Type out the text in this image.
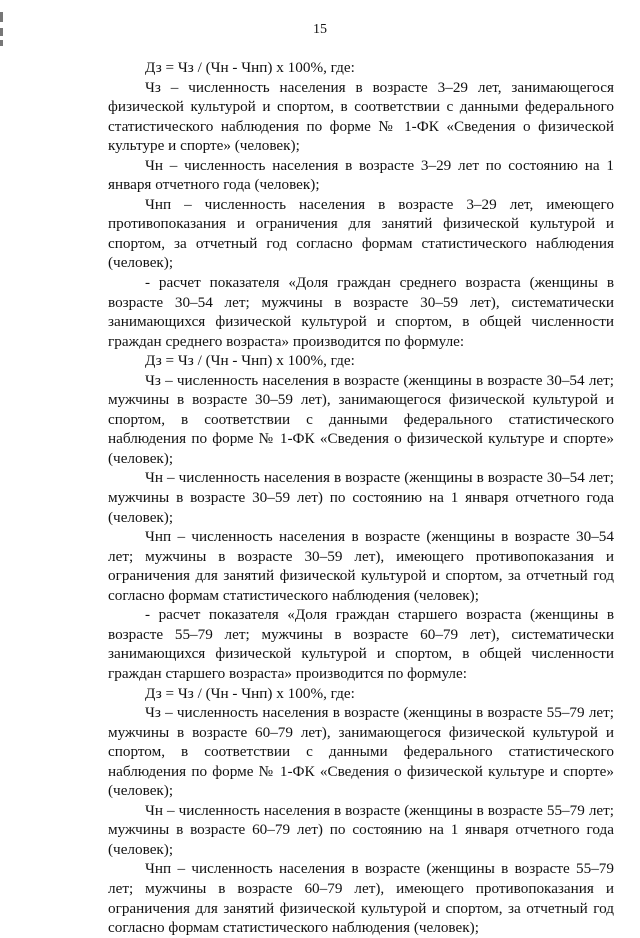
15

Дз = Чз / (Чн - Чнп) х 100%, где:

Чз – численность населения в возрасте 3–29 лет, занимающегося физической культурой и спортом, в соответствии с данными федерального статистического наблюдения по форме № 1-ФК «Сведения о физической культуре и спорте» (человек);

Чн – численность населения в возрасте 3–29 лет по состоянию на 1 января отчетного года (человек);

Чнп – численность населения в возрасте 3–29 лет, имеющего противопоказания и ограничения для занятий физической культурой и спортом, за отчетный год согласно формам статистического наблюдения (человек);

- расчет показателя «Доля граждан среднего возраста (женщины в возрасте 30–54 лет; мужчины в возрасте 30–59 лет), систематически занимающихся физической культурой и спортом, в общей численности граждан среднего возраста» производится по формуле:

Дз = Чз / (Чн - Чнп) х 100%, где:

Чз – численность населения в возрасте (женщины в возрасте 30–54 лет; мужчины в возрасте 30–59 лет), занимающегося физической культурой и спортом, в соответствии с данными федерального статистического наблюдения по форме № 1-ФК «Сведения о физической культуре и спорте» (человек);

Чн – численность населения в возрасте (женщины в возрасте 30–54 лет; мужчины в возрасте 30–59 лет) по состоянию на 1 января отчетного года (человек);

Чнп – численность населения в возрасте (женщины в возрасте 30–54 лет; мужчины в возрасте 30–59 лет), имеющего противопоказания и ограничения для занятий физической культурой и спортом, за отчетный год согласно формам статистического наблюдения (человек);

- расчет показателя «Доля граждан старшего возраста (женщины в возрасте 55–79 лет; мужчины в возрасте 60–79 лет), систематически занимающихся физической культурой и спортом, в общей численности граждан старшего возраста» производится по формуле:

Дз = Чз / (Чн - Чнп) х 100%, где:

Чз – численность населения в возрасте (женщины в возрасте 55–79 лет; мужчины в возрасте 60–79 лет), занимающегося физической культурой и спортом, в соответствии с данными федерального статистического наблюдения по форме № 1-ФК «Сведения о физической культуре и спорте» (человек);

Чн – численность населения в возрасте (женщины в возрасте 55–79 лет; мужчины в возрасте 60–79 лет) по состоянию на 1 января отчетного года (человек);

Чнп – численность населения в возрасте (женщины в возрасте 55–79 лет; мужчины в возрасте 60–79 лет), имеющего противопоказания и ограничения для занятий физической культурой и спортом, за отчетный год согласно формам статистического наблюдения (человек);
